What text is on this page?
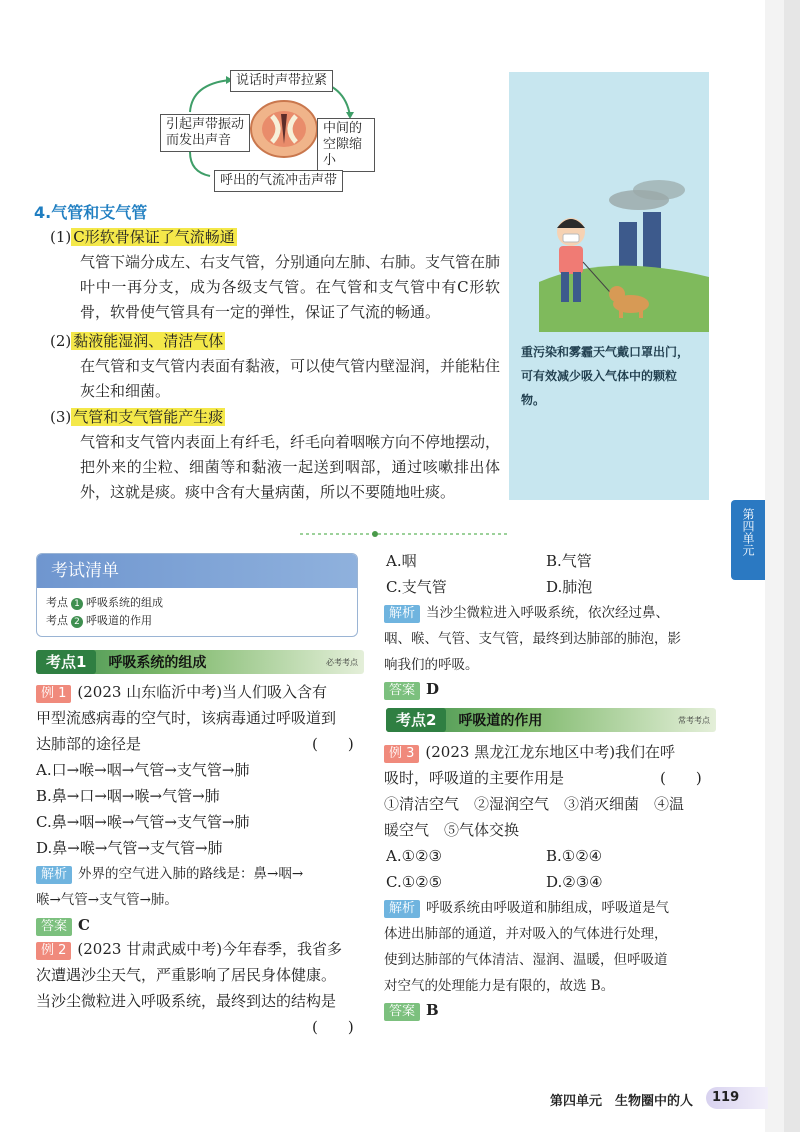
说话时声带拉紧
引起声带振动而发出声音
中间的空隙缩小
呼出的气流冲击声带
4.气管和支气管
(1) C形软骨保证了气流畅通
气管下端分成左、右支气管，分别通向左肺、右肺。支气管在肺叶中一再分支，成为各级支气管。在气管和支气管中有C形软骨，软骨使气管具有一定的弹性，保证了气流的畅通。
(2) 黏液能湿润、清洁气体
在气管和支气管内表面有黏液，可以使气管内壁湿润，并能粘住灰尘和细菌。
(3) 气管和支气管能产生痰
气管和支气管内表面上有纤毛，纤毛向着咽喉方向不停地摆动，把外来的尘粒、细菌等和黏液一起送到咽部，通过咳嗽排出体外，这就是痰。痰中含有大量病菌，所以不要随地吐痰。
重污染和雾霾天气戴口罩出门，可有效减少吸入气体中的颗粒物。
第四单元
考试清单
考点 1 呼吸系统的组成
考点 2 呼吸道的作用
考点1	呼吸系统的组成	必考考点
例 1 (2023 山东临沂中考)当人们吸入含有
甲型流感病毒的空气时，该病毒通过呼吸道到
达肺部的途径是	(　　)
A.口→喉→咽→气管→支气管→肺
B.鼻→口→咽→喉→气管→肺
C.鼻→咽→喉→气管→支气管→肺
D.鼻→喉→气管→支气管→肺
解析 外界的空气进入肺的路线是：鼻→咽→
喉→气管→支气管→肺。
答案 C
例 2 (2023 甘肃武威中考)今年春季，我省多
次遭遇沙尘天气，严重影响了居民身体健康。
当沙尘微粒进入呼吸系统，最终到达的结构是
(　　)
A.咽	B.气管
C.支气管	D.肺泡
解析 当沙尘微粒进入呼吸系统，依次经过鼻、
咽、喉、气管、支气管，最终到达肺部的肺泡，影
响我们的呼吸。
答案 D
考点2	呼吸道的作用	常考考点
例 3 (2023 黑龙江龙东地区中考)我们在呼
吸时，呼吸道的主要作用是	(　　)
①清洁空气　②湿润空气　③消灭细菌　④温
暖空气　⑤气体交换
A.①②③	B.①②④
C.①②⑤	D.②③④
解析 呼吸系统由呼吸道和肺组成，呼吸道是气
体进出肺部的通道，并对吸入的气体进行处理，
使到达肺部的气体清洁、湿润、温暖，但呼吸道
对空气的处理能力是有限的，故选 B。
答案 B
第四单元　生物圈中的人	119
